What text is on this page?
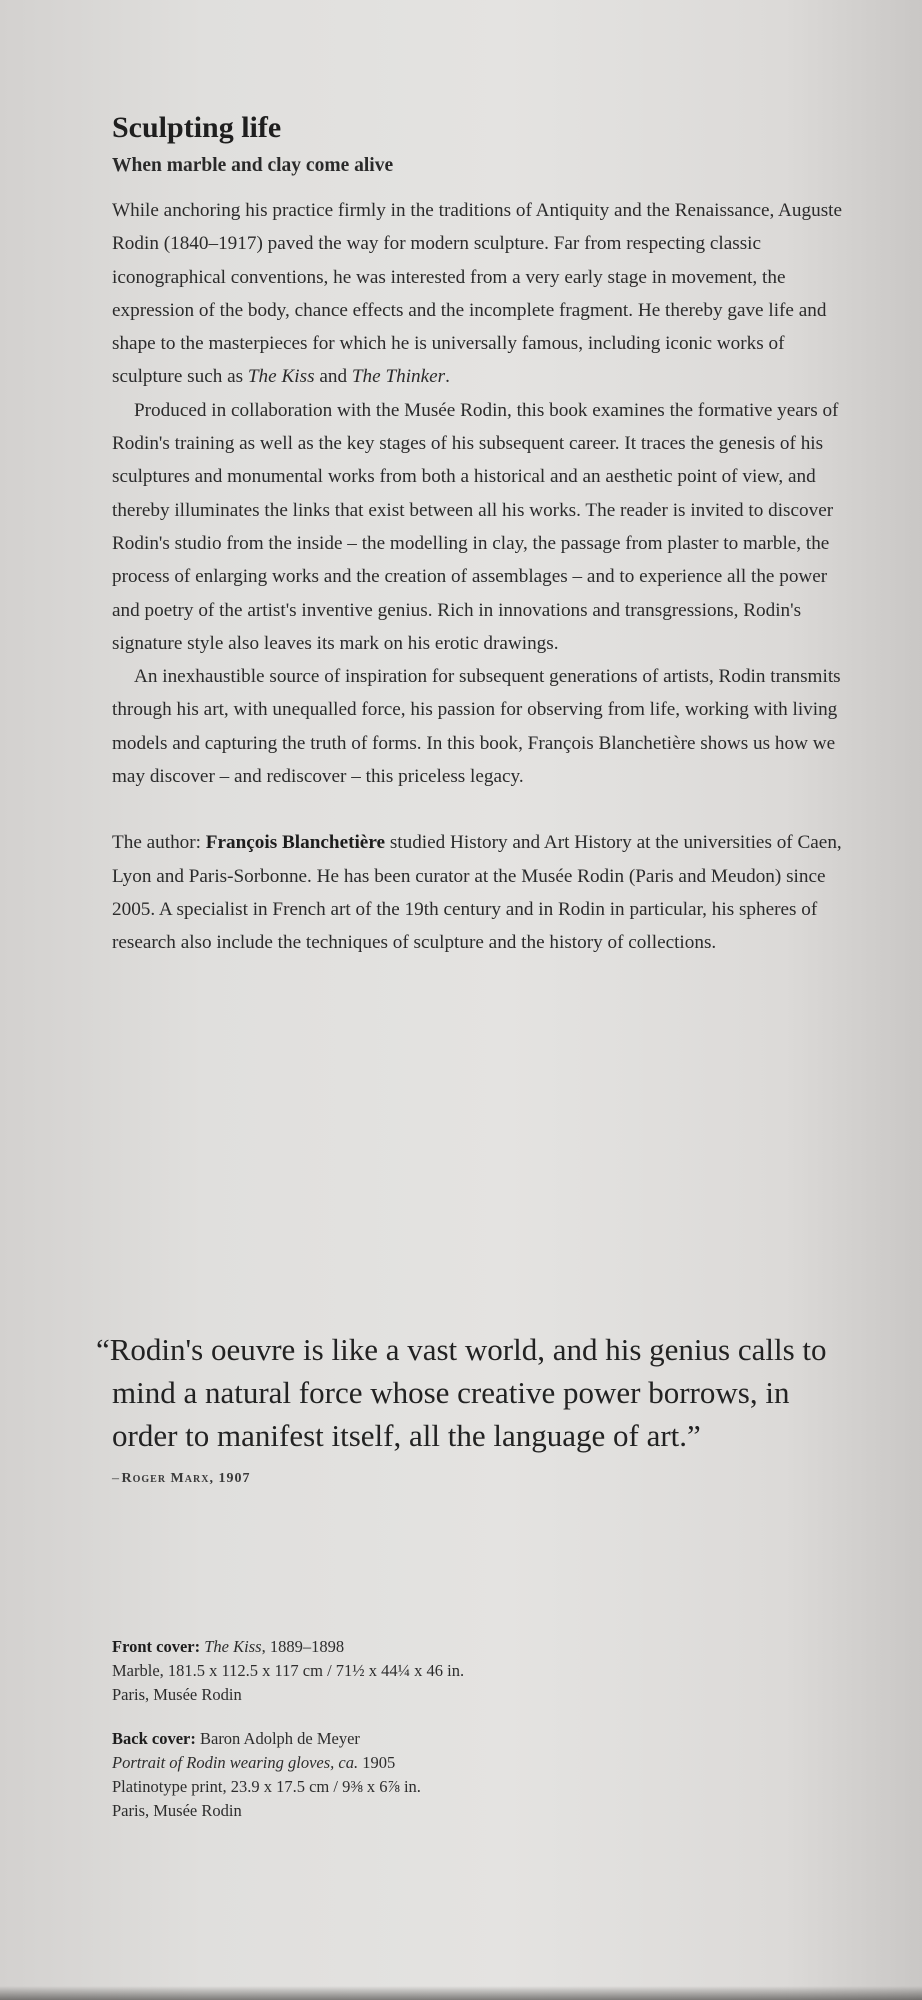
Sculpting life

When marble and clay come alive

While anchoring his practice firmly in the traditions of Antiquity and the Renaissance, Auguste Rodin (1840–1917) paved the way for modern sculpture. Far from respecting classic iconographical conventions, he was interested from a very early stage in movement, the expression of the body, chance effects and the incomplete fragment. He thereby gave life and shape to the masterpieces for which he is universally famous, including iconic works of sculpture such as The Kiss and The Thinker.

Produced in collaboration with the Musée Rodin, this book examines the formative years of Rodin's training as well as the key stages of his subsequent career. It traces the genesis of his sculptures and monumental works from both a historical and an aesthetic point of view, and thereby illuminates the links that exist between all his works. The reader is invited to discover Rodin's studio from the inside – the modelling in clay, the passage from plaster to marble, the process of enlarging works and the creation of assemblages – and to experience all the power and poetry of the artist's inventive genius. Rich in innovations and transgressions, Rodin's signature style also leaves its mark on his erotic drawings.

An inexhaustible source of inspiration for subsequent generations of artists, Rodin transmits through his art, with unequalled force, his passion for observing from life, working with living models and capturing the truth of forms. In this book, François Blanchetière shows us how we may discover – and rediscover – this priceless legacy.

The author: François Blanchetière studied History and Art History at the universities of Caen, Lyon and Paris-Sorbonne. He has been curator at the Musée Rodin (Paris and Meudon) since 2005. A specialist in French art of the 19th century and in Rodin in particular, his spheres of research also include the techniques of sculpture and the history of collections.

“Rodin's oeuvre is like a vast world, and his genius calls to mind a natural force whose creative power borrows, in order to manifest itself, all the language of art.”

– Roger Marx, 1907

Front cover: The Kiss, 1889–1898

Marble, 181.5 x 112.5 x 117 cm / 71½ x 44¼ x 46 in.

Paris, Musée Rodin

Back cover: Baron Adolph de Meyer

Portrait of Rodin wearing gloves, ca. 1905

Platinotype print, 23.9 x 17.5 cm / 9⅜ x 6⅞ in.

Paris, Musée Rodin
